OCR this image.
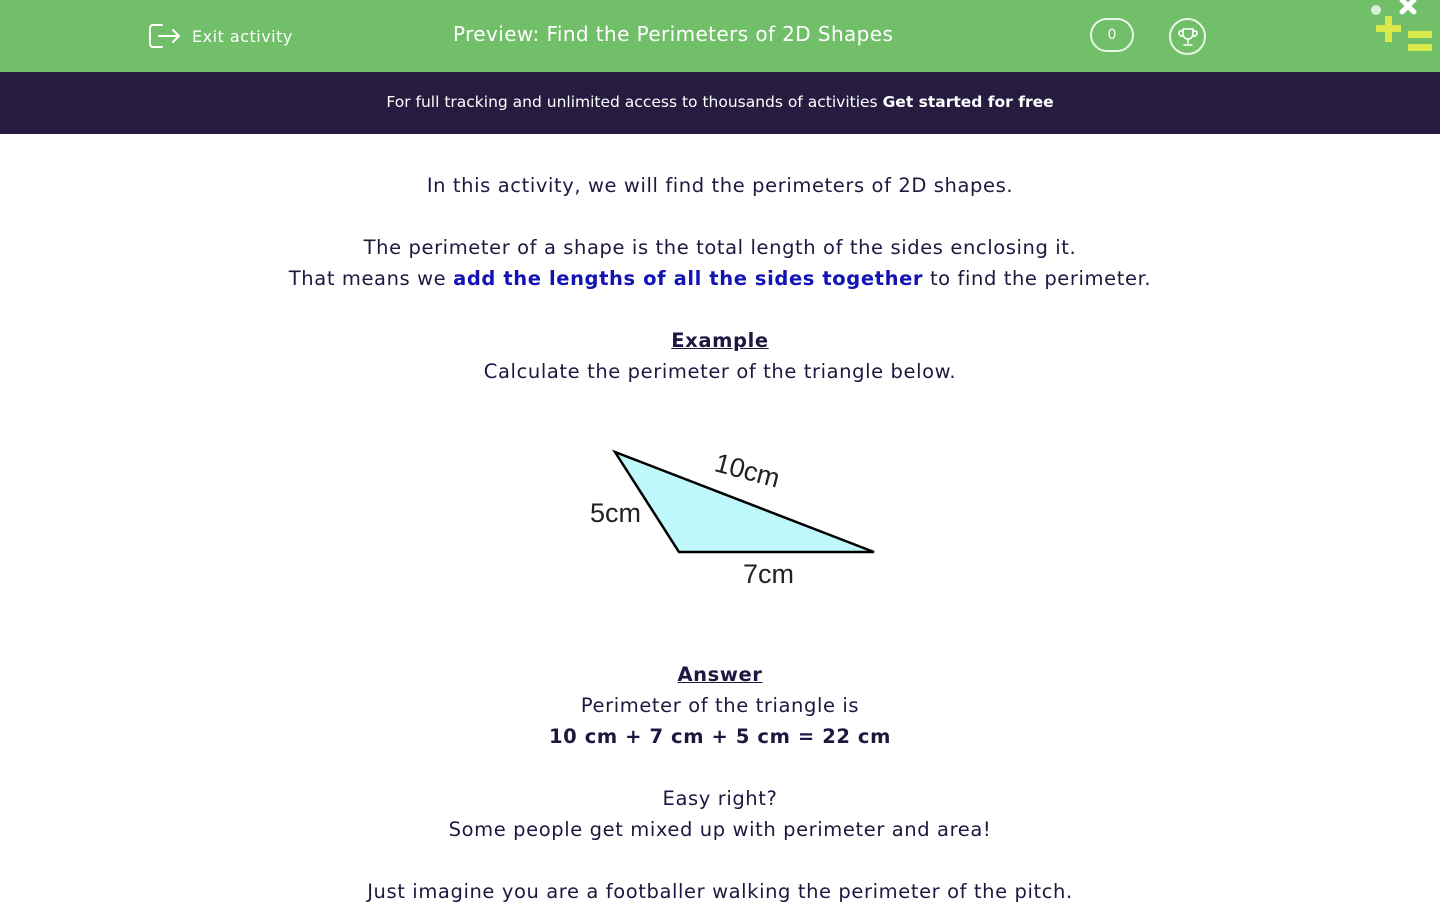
Exit activity	Preview: Find the Perimeters of 2D Shapes	0
For full tracking and unlimited access to thousands of activities Get started for free

In this activity, we will find the perimeters of 2D shapes.

The perimeter of a shape is the total length of the sides enclosing it.

That means we add the lengths of all the sides together to find the perimeter.

Example

Calculate the perimeter of the triangle below.

10cm
5cm
7cm

Answer

Perimeter of the triangle is

10 cm + 7 cm + 5 cm = 22 cm

Easy right?

Some people get mixed up with perimeter and area!

Just imagine you are a footballer walking the perimeter of the pitch.
